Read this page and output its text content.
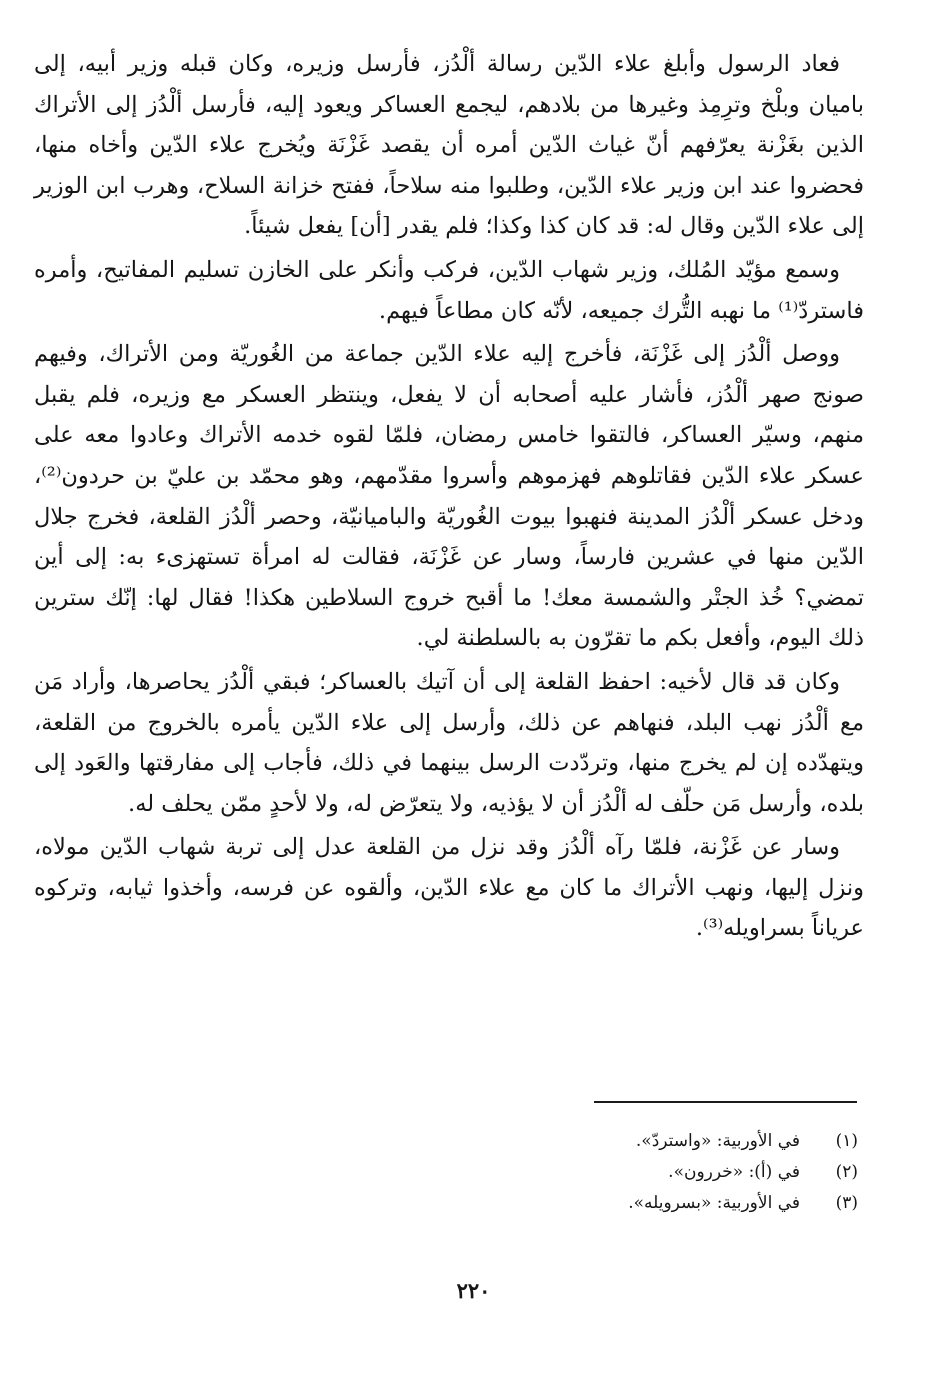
فعاد الرسول وأبلغ علاء الدّين رسالة ألْدُز، فأرسل وزيره، وكان قبله وزير أبيه، إلى باميان وبلْخ وترِمِذ وغيرها من بلادهم، ليجمع العساكر ويعود إليه، فأرسل ألْدُز إلى الأتراك الذين بغَزْنة يعرّفهم أنّ غياث الدّين أمره أن يقصد غَزْنَة ويُخرج علاء الدّين وأخاه منها، فحضروا عند ابن وزير علاء الدّين، وطلبوا منه سلاحاً، ففتح خزانة السلاح، وهرب ابن الوزير إلى علاء الدّين وقال له: قد كان كذا وكذا؛ فلم يقدر [أن] يفعل شيئاً.

وسمع مؤيّد المُلك، وزير شهاب الدّين، فركب وأنكر على الخازن تسليم المفاتيح، وأمره فاستردّ⁽¹⁾ ما نهبه التُّرك جميعه، لأنّه كان مطاعاً فيهم.

ووصل ألْدُز إلى غَزْنَة، فأخرج إليه علاء الدّين جماعة من الغُوريّة ومن الأتراك، وفيهم صونج صهر ألْدُز، فأشار عليه أصحابه أن لا يفعل، وينتظر العسكر مع وزيره، فلم يقبل منهم، وسيّر العساكر، فالتقوا خامس رمضان، فلمّا لقوه خدمه الأتراك وعادوا معه على عسكر علاء الدّين فقاتلوهم فهزموهم وأسروا مقدّمهم، وهو محمّد بن عليّ بن حردون⁽²⁾، ودخل عسكر ألْدُز المدينة فنهبوا بيوت الغُوريّة والباميانيّة، وحصر ألْدُز القلعة، فخرج جلال الدّين منها في عشرين فارساً، وسار عن غَزْنَة، فقالت له امرأة تستهزىء به: إلى أين تمضي؟ خُذ الجتْر والشمسة معك! ما أقبح خروج السلاطين هكذا! فقال لها: إنّك سترين ذلك اليوم، وأفعل بكم ما تقرّون به بالسلطنة لي.

وكان قد قال لأخيه: احفظ القلعة إلى أن آتيك بالعساكر؛ فبقي ألْدُز يحاصرها، وأراد مَن مع ألْدُز نهب البلد، فنهاهم عن ذلك، وأرسل إلى علاء الدّين يأمره بالخروج من القلعة، ويتهدّده إن لم يخرج منها، وتردّدت الرسل بينهما في ذلك، فأجاب إلى مفارقتها والعَود إلى بلده، وأرسل مَن حلّف له ألْدُز أن لا يؤذيه، ولا يتعرّض له، ولا لأحدٍ ممّن يحلف له.

وسار عن غَزْنة، فلمّا رآه ألْدُز وقد نزل من القلعة عدل إلى تربة شهاب الدّين مولاه، ونزل إليها، ونهب الأتراك ما كان مع علاء الدّين، وألقوه عن فرسه، وأخذوا ثيابه، وتركوه عرياناً بسراويله⁽³⁾.

(١)
في الأوربية: «واستردّ».
(٢)
في (أ): «خررون».
(٣)
في الأوربية: «بسرويله».
٢٢٠
